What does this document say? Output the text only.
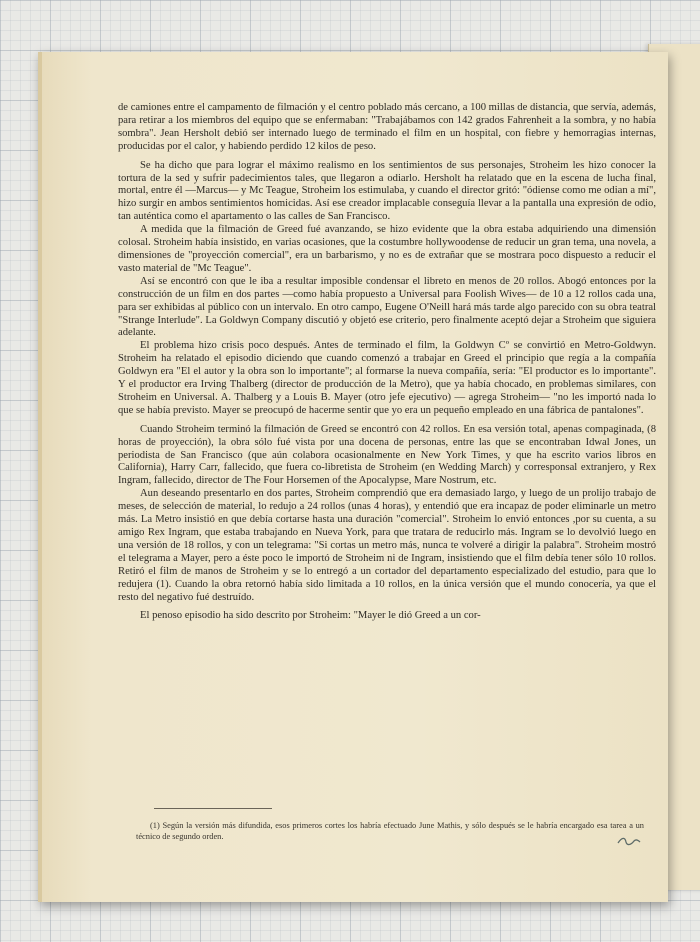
de camiones entre el campamento de filmación y el centro poblado más cercano, a 100 millas de distancia, que servía, además, para retirar a los miembros del equipo que se enfermaban: "Trabajábamos con 142 grados Fahrenheit a la sombra, y no había sombra". Jean Hersholt debió ser internado luego de terminado el film en un hospital, con fiebre y hemorragias internas, producidas por el calor, y habiendo perdido 12 kilos de peso.

Se ha dicho que para lograr el máximo realismo en los sentimientos de sus personajes, Stroheim les hizo conocer la tortura de la sed y sufrir padecimientos tales, que llegaron a odiarlo. Hersholt ha relatado que en la escena de lucha final, mortal, entre él —Marcus— y Mc Teague, Stroheim los estimulaba, y cuando el director gritó: "ódiense como me odian a mí", hizo surgir en ambos sentimientos homicidas. Así ese creador implacable conseguía llevar a la pantalla una expresión de odio, tan auténtica como el apartamento o las calles de San Francisco.

A medida que la filmación de Greed fué avanzando, se hizo evidente que la obra estaba adquiriendo una dimensión colosal. Stroheim había insistido, en varias ocasiones, que la costumbre hollywoodense de reducir un gran tema, una novela, a dimensiones de "proyección comercial", era un barbarismo, y no es de extrañar que se mostrara poco dispuesto a reducir el vasto material de "Mc Teague".

Así se encontró con que le iba a resultar imposible condensar el libreto en menos de 20 rollos. Abogó entonces por la construcción de un film en dos partes —como había propuesto a Universal para Foolish Wives— de 10 a 12 rollos cada una, para ser exhibidas al público con un intervalo. En otro campo, Eugene O'Neill hará más tarde algo parecido con su obra teatral "Strange Interlude". La Goldwyn Company discutió y objetó ese criterio, pero finalmente aceptó dejar a Stroheim que siguiera adelante.

El problema hizo crisis poco después. Antes de terminado el film, la Goldwyn Cº se convirtió en Metro-Goldwyn. Stroheim ha relatado el episodio diciendo que cuando comenzó a trabajar en Greed el principio que regía a la compañía Goldwyn era "El el autor y la obra son lo importante"; al formarse la nueva compañía, sería: "El productor es lo importante". Y el productor era Irving Thalberg (director de producción de la Metro), que ya había chocado, en problemas similares, con Stroheim en Universal. A. Thalberg y a Louis B. Mayer (otro jefe ejecutivo) — agrega Stroheim— "no les importó nada lo que se había previsto. Mayer se preocupó de hacerme sentir que yo era un pequeño empleado en una fábrica de pantalones".

Cuando Stroheim terminó la filmación de Greed se encontró con 42 rollos. En esa versión total, apenas compaginada, (8 horas de proyección), la obra sólo fué vista por una docena de personas, entre las que se encontraban Idwal Jones, un periodista de San Francisco (que aún colabora ocasionalmente en New York Times, y que ha escrito varios libros en California), Harry Carr, fallecido, que fuera co-libretista de Stroheim (en Wedding March) y corresponsal extranjero, y Rex Ingram, fallecido, director de The Four Horsemen of the Apocalypse, Mare Nostrum, etc.

Aun deseando presentarlo en dos partes, Stroheim comprendió que era demasiado largo, y luego de un prolijo trabajo de meses, de selección de material, lo redujo a 24 rollos (unas 4 horas), y entendió que era incapaz de poder eliminarle un metro más. La Metro insistió en que debía cortarse hasta una duración "comercial". Stroheim lo envió entonces ,por su cuenta, a su amigo Rex Ingram, que estaba trabajando en Nueva York, para que tratara de reducirlo más. Ingram se lo devolvió luego en una versión de 18 rollos, y con un telegrama: "Si cortas un metro más, nunca te volveré a dirigir la palabra". Stroheim mostró el telegrama a Mayer, pero a éste poco le importó de Stroheim ni de Ingram, insistiendo que el film debía tener sólo 10 rollos. Retiró el film de manos de Stroheim y se lo entregó a un cortador del departamento especializado del estudio, para que lo redujera (1). Cuando la obra retornó había sido limitada a 10 rollos, en la única versión que el mundo conocería, ya que el resto del negativo fué destruído.

El penoso episodio ha sido descrito por Stroheim: "Mayer le dió Greed a un cor-

(1) Según la versión más difundida, esos primeros cortes los habría efectuado June Mathis, y sólo después se le habría encargado esa tarea a un técnico de segundo orden.
